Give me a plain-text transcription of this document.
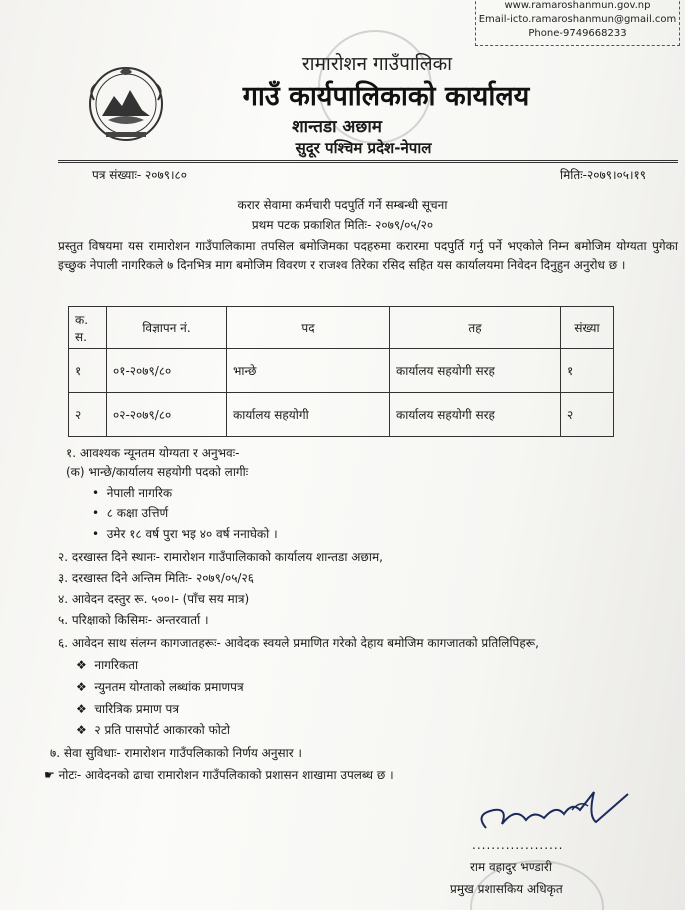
www.ramaroshanmun.gov.np
Email-icto.ramaroshanmun@gmail.com
Phone-9749668233
रामारोशन गाउँपालिका
गाउँ कार्यपालिकाको कार्यालय
शान्तडा अछाम
सुदूर पश्चिम प्रदेश-नेपाल
पत्र संख्याः- २०७९।८०	मितिः-२०७९।०५।१९
करार सेवामा कर्मचारी पदपुर्ति गर्ने सम्बन्धी सूचना
प्रथम पटक प्रकाशित मितिः- २०७९/०५/२०
प्रस्तुत विषयमा यस रामारोशन गाउँपालिकामा तपसिल बमोजिमका पदहरुमा करारमा पदपुर्ति गर्नु पर्ने भएकोले निम्न बमोजिम योग्यता पुगेका इच्छुक नेपाली नागरिकले ७ दिनभित्र माग बमोजिम विवरण र राजश्व तिरेका रसिद सहित यस कार्यालयमा निवेदन दिनुहुन अनुरोध छ ।
क. स.	विज्ञापन नं.	पद	तह	संख्या
१	०१-२०७९/८०	भान्छे	कार्यालय सहयोगी सरह	१
२	०२-२०७९/८०	कार्यालय सहयोगी	कार्यालय सहयोगी सरह	२
१. आवश्यक न्यूनतम योग्यता र अनुभवः-
(क) भान्छे/कार्यालय सहयोगी पदको लागीः
•  नेपाली नागरिक
•  ८ कक्षा उत्तिर्ण
•  उमेर १८ वर्ष पुरा भइ ४० वर्ष ननाघेको ।
२. दरखास्त दिने स्थानः- रामारोशन गाउँपालिकाको कार्यालय शान्तडा अछाम,
३. दरखास्त दिने अन्तिम मितिः- २०७९/०५/२६
४. आवेदन दस्तुर रू. ५००।- (पाँच सय मात्र)
५. परिक्षाको किसिमः- अन्तरवार्ता ।
६. आवेदन साथ संलग्न कागजातहरूः- आवेदक स्वयले प्रमाणित गरेको देहाय बमोजिम कागजातको प्रतिलिपिहरू,
❖ नागरिकता
❖ न्युनतम योग्ताको लब्धांक प्रमाणपत्र
❖ चारित्रिक प्रमाण पत्र
❖ २ प्रति पासपोर्ट आकारको फोटो
७. सेवा सुविधाः- रामारोशन गाउँपलिकाको निर्णय अनुसार ।
☛ नोटः- आवेदनको ढाचा रामारोशन गाउँपलिकाको प्रशासन शाखामा उपलब्ध छ ।
...................
राम वहादुर भण्डारी
प्रमुख प्रशासकिय अधिकृत
